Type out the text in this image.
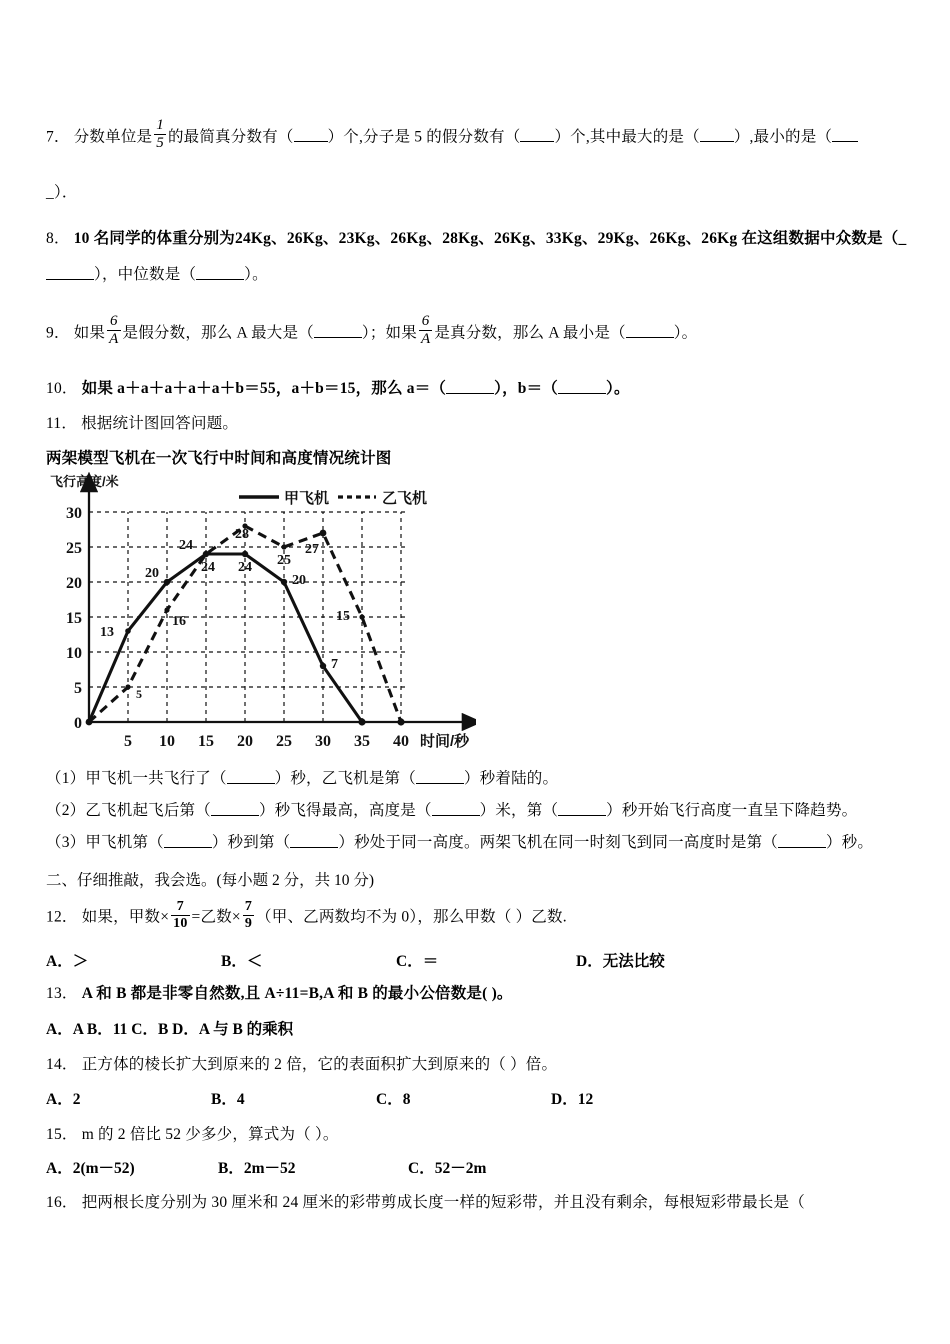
7． 分数单位是 $\frac{1}{5}$ 的最简真分数有（ ）个,分子是 5 的假分数有（ ）个,其中最大的是（ ）,最小的是（
_）．
8． 10 名同学的体重分别为24Kg、26Kg、23Kg、26Kg、28Kg、26Kg、33Kg、29Kg、26Kg、26Kg 在这组数据中众数是（_
），中位数是（	）。
9． 如果 $\frac{6}{A}$ 是假分数，那么 A 最大是（	）；如果 $\frac{6}{A}$ 是真分数，那么 A 最小是（	）。
10． 如果 a＋a＋a＋a＋a＋b＝55，a＋b＝15，那么 a＝（	），b＝（	）。
11． 根据统计图回答问题。
两架模型飞机在一次飞行中时间和高度情况统计图
飞行高度/米
甲飞机	乙飞机
0
5
10
15
20
25
30
5 10 15 20 25 30 35 40 时间/秒
13
20
24
24 24
20
7
5
16
28
25
27
15
（1）甲飞机一共飞行了（	）秒，乙飞机是第（	）秒着陆的。
（2）乙飞机起飞后第（	）秒飞得最高，高度是（	）米，第（	）秒开始飞行高度一直呈下降趋势。
（3）甲飞机第（	）秒到第（	）秒处于同一高度。两架飞机在同一时刻飞到同一高度时是第（	）秒。
二、仔细推敲，我会选。(每小题 2 分，共 10 分)
12． 如果，甲数× $\frac{7}{10}$ =乙数× $\frac{7}{9}$ （甲、乙两数均不为 0），那么甲数（ ）乙数.
A．＞	B．＜	C．＝	D．无法比较
13． A 和 B 都是非零自然数,且 A÷11=B,A 和 B 的最小公倍数是( )。
A．A B．11 C．B D．A 与 B 的乘积
14． 正方体的棱长扩大到原来的 2 倍，它的表面积扩大到原来的（ ）倍。
A．2	B．4	C．8	D．12
15． m 的 2 倍比 52 少多少，算式为（ ）。
A．2(m－52)	B．2m－52	C．52－2m
16． 把两根长度分别为 30 厘米和 24 厘米的彩带剪成长度一样的短彩带，并且没有剩余，每根短彩带最长是（
